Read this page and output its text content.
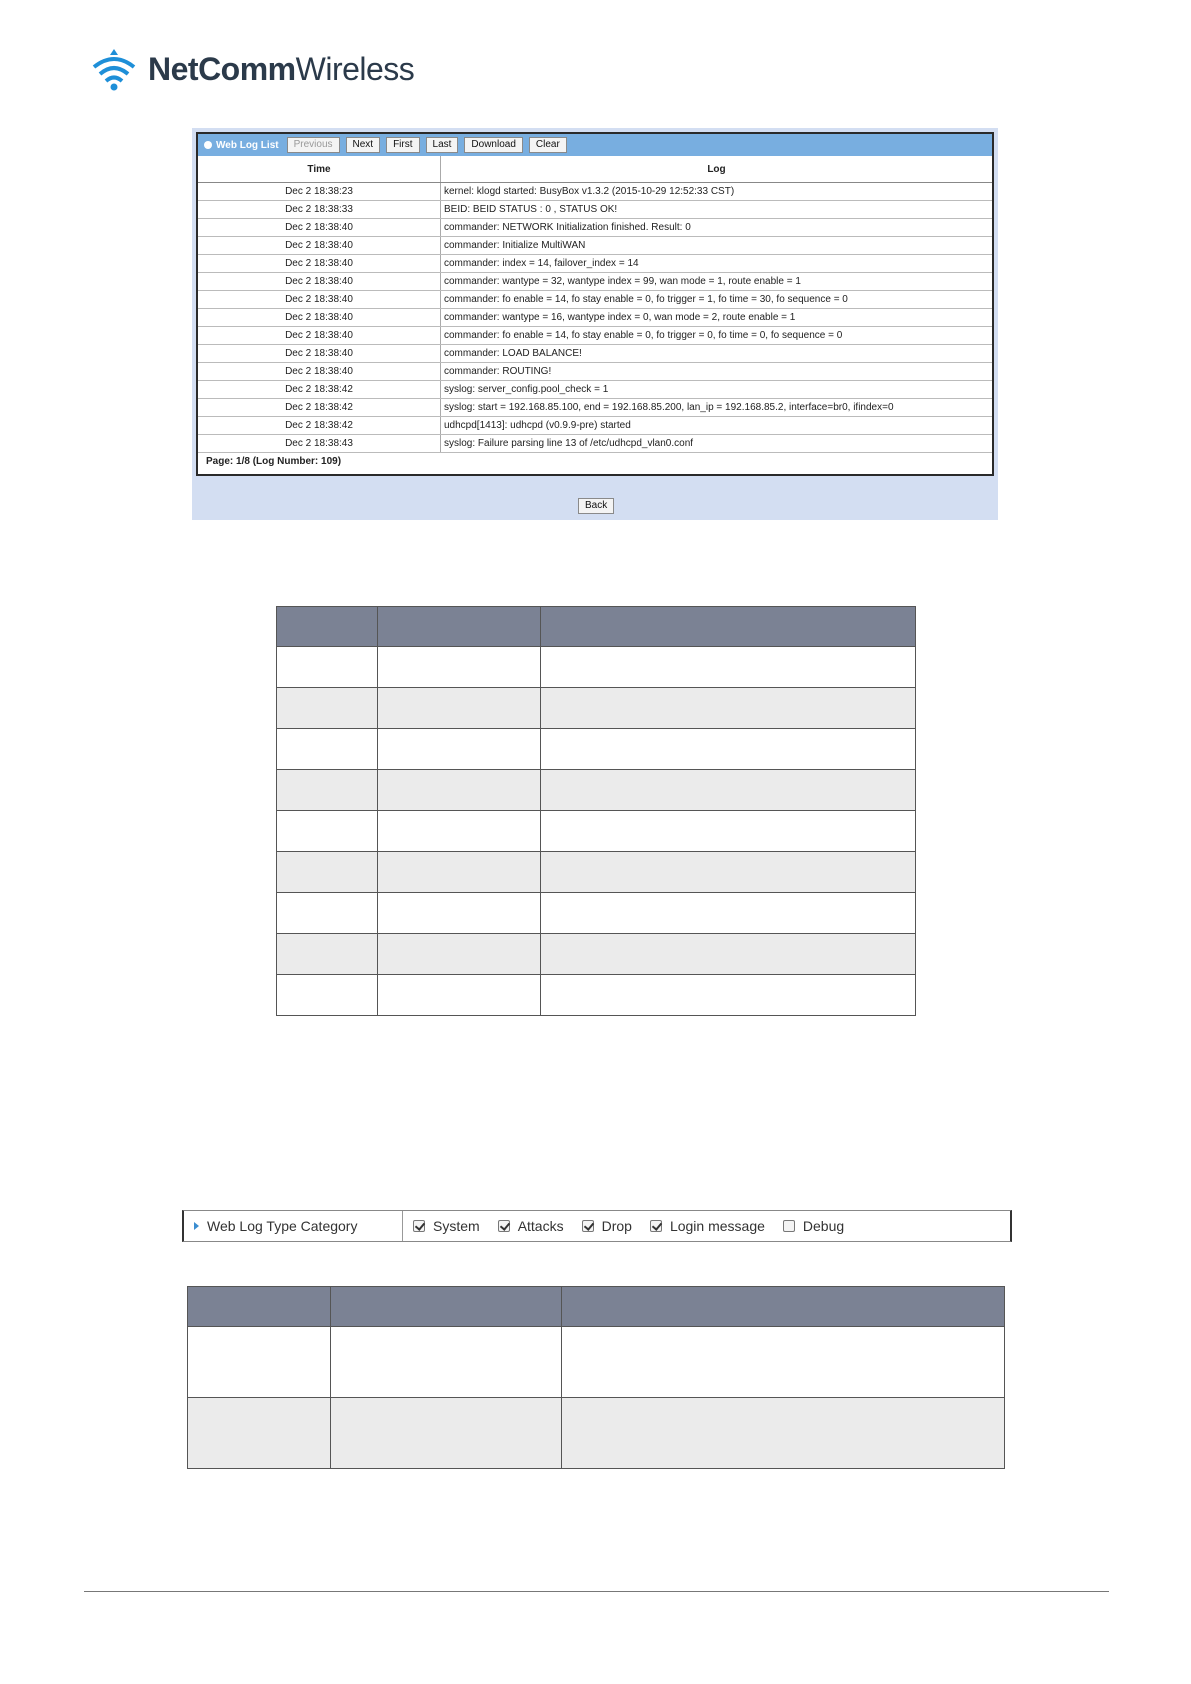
NetCommWireless
Web Log List	Previous	Next	First	Last	Download	Clear
Time	Log
Dec 2 18:38:23	kernel: klogd started: BusyBox v1.3.2 (2015-10-29 12:52:33 CST)
Dec 2 18:38:33	BEID: BEID STATUS : 0 , STATUS OK!
Dec 2 18:38:40	commander: NETWORK Initialization finished. Result: 0
Dec 2 18:38:40	commander: Initialize MultiWAN
Dec 2 18:38:40	commander: index = 14, failover_index = 14
Dec 2 18:38:40	commander: wantype = 32, wantype index = 99, wan mode = 1, route enable = 1
Dec 2 18:38:40	commander: fo enable = 14, fo stay enable = 0, fo trigger = 1, fo time = 30, fo sequence = 0
Dec 2 18:38:40	commander: wantype = 16, wantype index = 0, wan mode = 2, route enable = 1
Dec 2 18:38:40	commander: fo enable = 14, fo stay enable = 0, fo trigger = 0, fo time = 0, fo sequence = 0
Dec 2 18:38:40	commander: LOAD BALANCE!
Dec 2 18:38:40	commander: ROUTING!
Dec 2 18:38:42	syslog: server_config.pool_check = 1
Dec 2 18:38:42	syslog: start = 192.168.85.100, end = 192.168.85.200, lan_ip = 192.168.85.2, interface=br0, ifindex=0
Dec 2 18:38:42	udhcpd[1413]: udhcpd (v0.9.9-pre) started
Dec 2 18:38:43	syslog: Failure parsing line 13 of /etc/udhcpd_vlan0.conf
Page: 1/8 (Log Number: 109)
Back

Web Log Type Category	System	Attacks	Drop	Login message	Debug
